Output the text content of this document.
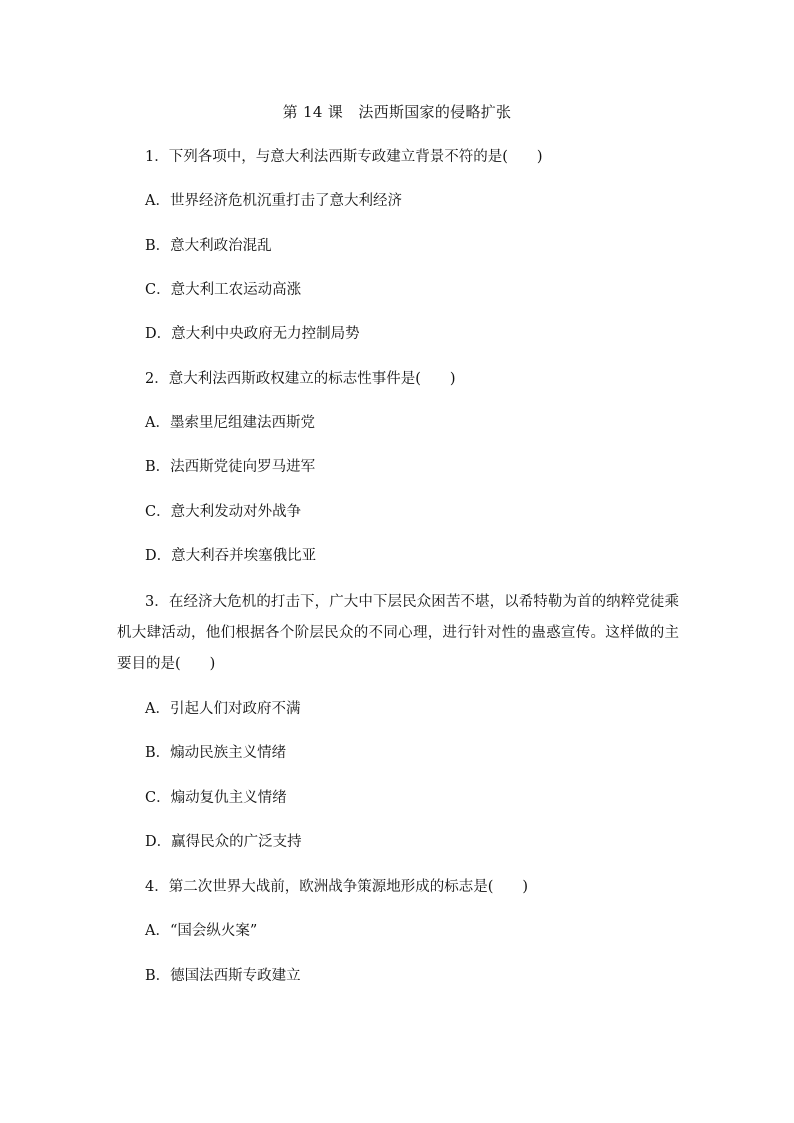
第 14 课　法西斯国家的侵略扩张
1．下列各项中，与意大利法西斯专政建立背景不符的是(　　)
A．世界经济危机沉重打击了意大利经济
B．意大利政治混乱
C．意大利工农运动高涨
D．意大利中央政府无力控制局势
2．意大利法西斯政权建立的标志性事件是(　　)
A．墨索里尼组建法西斯党
B．法西斯党徒向罗马进军
C．意大利发动对外战争
D．意大利吞并埃塞俄比亚
3．在经济大危机的打击下，广大中下层民众困苦不堪，以希特勒为首的纳粹党徒乘机大肆活动，他们根据各个阶层民众的不同心理，进行针对性的蛊惑宣传。这样做的主要目的是(　　)
A．引起人们对政府不满
B．煽动民族主义情绪
C．煽动复仇主义情绪
D．赢得民众的广泛支持
4．第二次世界大战前，欧洲战争策源地形成的标志是(　　)
A．“国会纵火案”
B．德国法西斯专政建立
